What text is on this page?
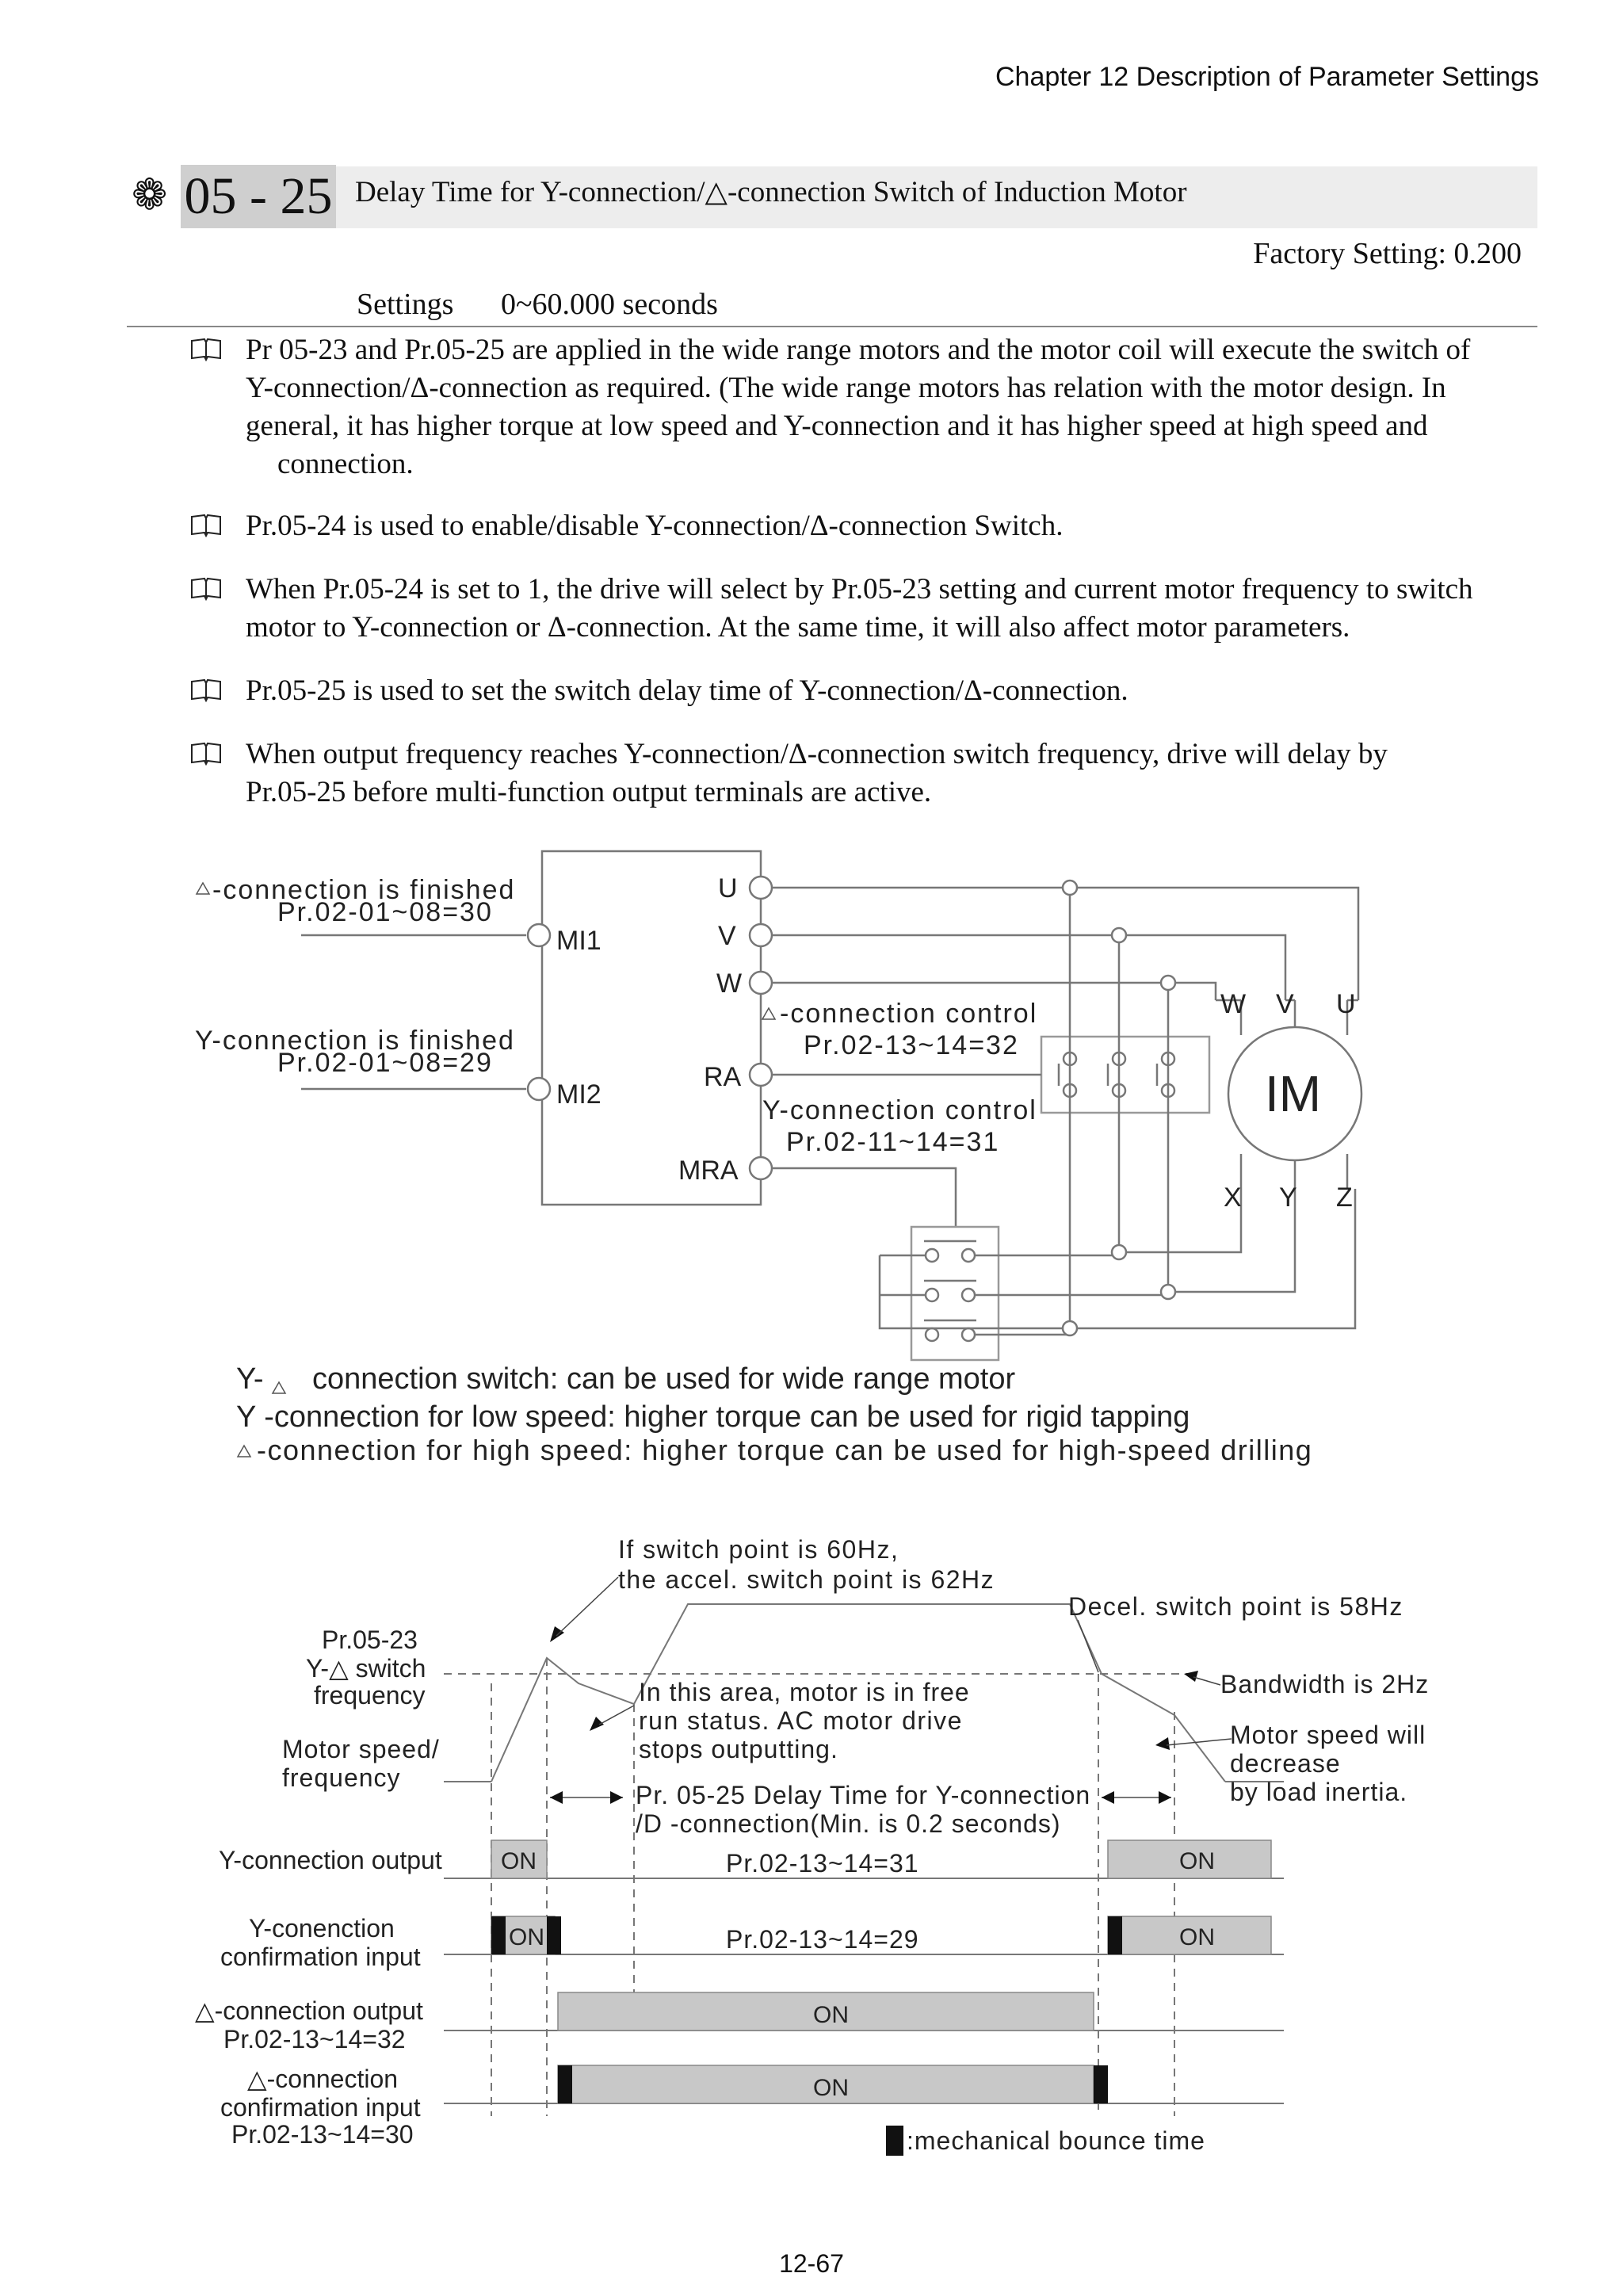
Chapter 12 Description of Parameter Settings
❁ 05 - 25 Delay Time for Y-connection/△-connection Switch of Induction Motor
Factory Setting: 0.200
Settings 0~60.000 seconds
Pr 05-23 and Pr.05-25 are applied in the wide range motors and the motor coil will execute the switch of
Y-connection/Δ-connection as required. (The wide range motors has relation with the motor design. In
general, it has higher torque at low speed and Y-connection and it has higher speed at high speed and
connection.
Pr.05-24 is used to enable/disable Y-connection/Δ-connection Switch.
When Pr.05-24 is set to 1, the drive will select by Pr.05-23 setting and current motor frequency to switch
motor to Y-connection or Δ-connection. At the same time, it will also affect motor parameters.
Pr.05-25 is used to set the switch delay time of Y-connection/Δ-connection.
When output frequency reaches Y-connection/Δ-connection switch frequency, drive will delay by
Pr.05-25 before multi-function output terminals are active.
-connection is finished
Pr.02-01~08=30
MI1
Y-connection is finished
Pr.02-01~08=29
MI2
U
V
W
RA
MRA
-connection control
Pr.02-13~14=32
Y-connection control
Pr.02-11~14=31
IM
W V U
X Y Z
Y- connection switch: can be used for wide range motor
Y -connection for low speed: higher torque can be used for rigid tapping
-connection for high speed: higher torque can be used for high-speed drilling
If switch point is 60Hz,
the accel. switch point is 62Hz
Decel. switch point is 58Hz
Pr.05-23
Y-△ switch
frequency	Bandwidth is 2Hz
In this area, motor is in free
run status. AC motor drive
stops outputting.
Motor speed/
frequency
Motor speed will
decrease
by load inertia.
Pr. 05-25 Delay Time for Y-connection
/D -connection(Min. is 0.2 seconds)
Y-connection output	Pr.02-13~14=31
ON	ON
Y-conenction
confirmation input
Pr.02-13~14=29
ON	ON
△-connection output
Pr.02-13~14=32
ON
△-connection
confirmation input
Pr.02-13~14=30
ON
:mechanical bounce time
12-67
